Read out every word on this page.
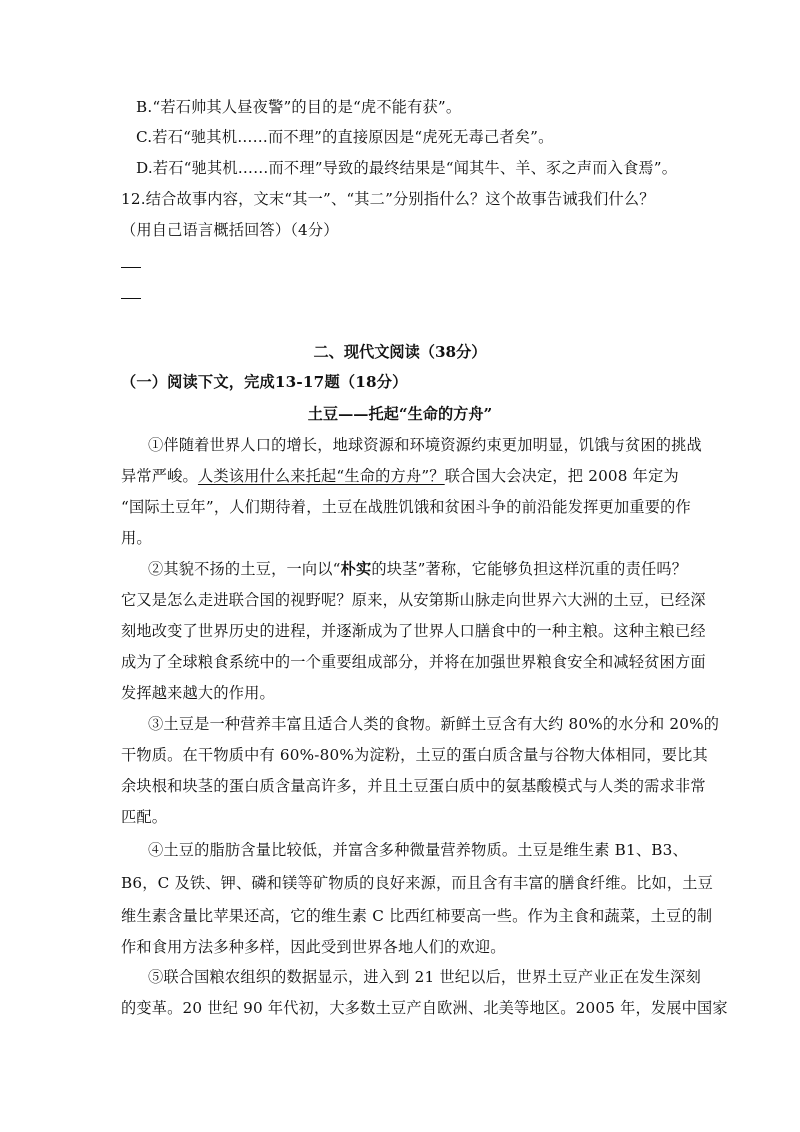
B.“若石帅其人昼夜警”的目的是“虎不能有获”。
C.若石“驰其机……而不理”的直接原因是“虎死无毒己者矣”。
D.若石“驰其机……而不理”导致的最终结果是“闻其牛、羊、豕之声而入食焉”。
12.结合故事内容，文末“其一”、“其二”分别指什么？这个故事告诫我们什么？
（用自己语言概括回答）（4分）
二、现代文阅读（38分）
（一）阅读下文，完成13-17题（18分）
土豆——托起“生命的方舟”
①伴随着世界人口的增长，地球资源和环境资源约束更加明显，饥饿与贫困的挑战
异常严峻。人类该用什么来托起“生命的方舟”？联合国大会决定，把 2008 年定为
“国际土豆年”，人们期待着，土豆在战胜饥饿和贫困斗争的前沿能发挥更加重要的作
用。
②其貌不扬的土豆，一向以“朴实的块茎”著称，它能够负担这样沉重的责任吗？
它又是怎么走进联合国的视野呢？原来，从安第斯山脉走向世界六大洲的土豆，已经深
刻地改变了世界历史的进程，并逐渐成为了世界人口膳食中的一种主粮。这种主粮已经
成为了全球粮食系统中的一个重要组成部分，并将在加强世界粮食安全和减轻贫困方面
发挥越来越大的作用。
③土豆是一种营养丰富且适合人类的食物。新鲜土豆含有大约 80%的水分和 20%的
干物质。在干物质中有 60%-80%为淀粉，土豆的蛋白质含量与谷物大体相同，要比其
余块根和块茎的蛋白质含量高许多，并且土豆蛋白质中的氨基酸模式与人类的需求非常
匹配。
④土豆的脂肪含量比较低，并富含多种微量营养物质。土豆是维生素 B1、B3、
B6，C 及铁、钾、磷和镁等矿物质的良好来源，而且含有丰富的膳食纤维。比如，土豆
维生素含量比苹果还高，它的维生素 C 比西红柿要高一些。作为主食和蔬菜，土豆的制
作和食用方法多种多样，因此受到世界各地人们的欢迎。
⑤联合国粮农组织的数据显示，进入到 21 世纪以后，世界土豆产业正在发生深刻
的变革。20 世纪 90 年代初，大多数土豆产自欧洲、北美等地区。2005 年，发展中国家
